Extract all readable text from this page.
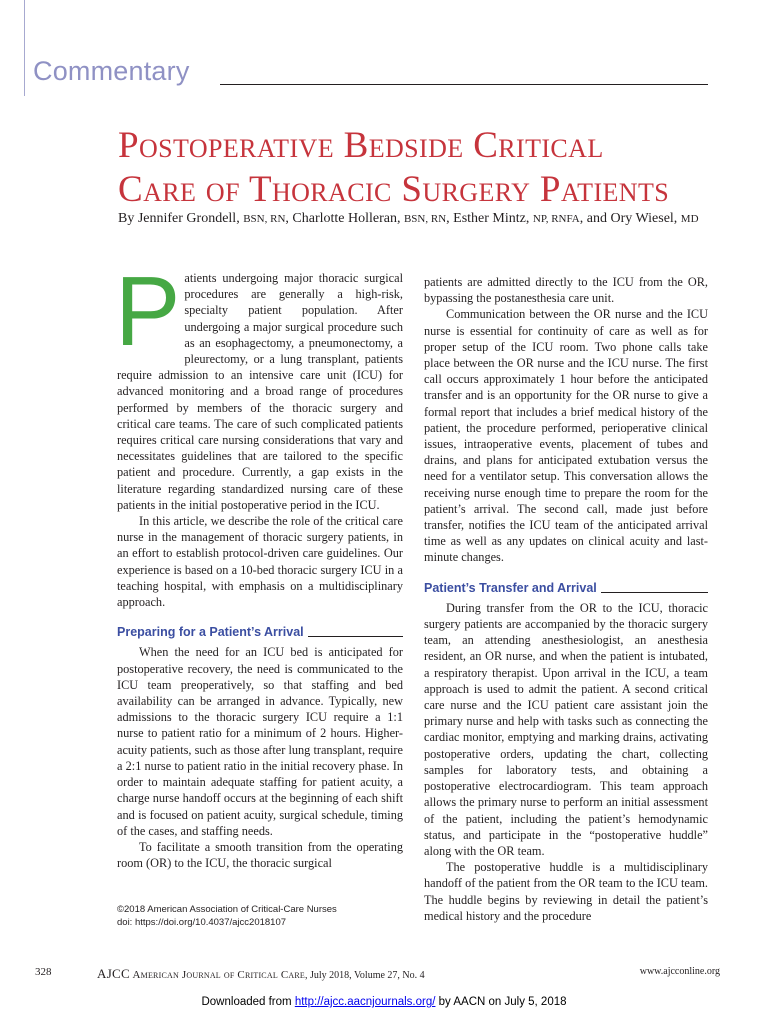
Commentary
Postoperative Bedside Critical
Care of Thoracic Surgery Patients
By Jennifer Grondell, BSN, RN, Charlotte Holleran, BSN, RN, Esther Mintz, NP, RNFA, and Ory Wiesel, MD

Patients undergoing major thoracic surgical procedures are generally a high-risk, specialty patient population. After undergoing a major surgical procedure such as an esophagectomy, a pneumonectomy, a pleurectomy, or a lung transplant, patients require admission to an intensive care unit (ICU) for advanced monitoring and a broad range of procedures performed by members of the thoracic surgery and critical care teams. The care of such complicated patients requires critical care nursing considerations that vary and necessitates guidelines that are tailored to the specific patient and procedure. Currently, a gap exists in the literature regarding standardized nursing care of these patients in the initial postoperative period in the ICU.

In this article, we describe the role of the critical care nurse in the management of thoracic surgery patients, in an effort to establish protocol-driven care guidelines. Our experience is based on a 10-bed thoracic surgery ICU in a teaching hospital, with emphasis on a multidisciplinary approach.

Preparing for a Patient’s Arrival

When the need for an ICU bed is anticipated for postoperative recovery, the need is communicated to the ICU team preoperatively, so that staffing and bed availability can be arranged in advance. Typically, new admissions to the thoracic surgery ICU require a 1:1 nurse to patient ratio for a minimum of 2 hours. Higher-acuity patients, such as those after lung transplant, require a 2:1 nurse to patient ratio in the initial recovery phase. In order to maintain adequate staffing for patient acuity, a charge nurse handoff occurs at the beginning of each shift and is focused on patient acuity, surgical schedule, timing of the cases, and staffing needs.

To facilitate a smooth transition from the operating room (OR) to the ICU, the thoracic surgical

patients are admitted directly to the ICU from the OR, bypassing the postanesthesia care unit.

Communication between the OR nurse and the ICU nurse is essential for continuity of care as well as for proper setup of the ICU room. Two phone calls take place between the OR nurse and the ICU nurse. The first call occurs approximately 1 hour before the anticipated transfer and is an opportunity for the OR nurse to give a formal report that includes a brief medical history of the patient, the procedure performed, perioperative clinical issues, intraoperative events, placement of tubes and drains, and plans for anticipated extubation versus the need for a ventilator setup. This conversation allows the receiving nurse enough time to prepare the room for the patient’s arrival. The second call, made just before transfer, notifies the ICU team of the anticipated arrival time as well as any updates on clinical acuity and last-minute changes.

Patient’s Transfer and Arrival

During transfer from the OR to the ICU, thoracic surgery patients are accompanied by the thoracic surgery team, an attending anesthesiologist, an anesthesia resident, an OR nurse, and when the patient is intubated, a respiratory therapist. Upon arrival in the ICU, a team approach is used to admit the patient. A second critical care nurse and the ICU patient care assistant join the primary nurse and help with tasks such as connecting the cardiac monitor, emptying and marking drains, activating postoperative orders, updating the chart, collecting samples for laboratory tests, and obtaining a postoperative electrocardiogram. This team approach allows the primary nurse to perform an initial assessment of the patient, including the patient’s hemodynamic status, and participate in the “postoperative huddle” along with the OR team.

The postoperative huddle is a multidisciplinary handoff of the patient from the OR team to the ICU team. The huddle begins by reviewing in detail the patient’s medical history and the procedure

©2018 American Association of Critical-Care Nurses
doi: https://doi.org/10.4037/ajcc2018107
328	AJCC American Journal of Critical Care, July 2018, Volume 27, No. 4	www.ajcconline.org
Downloaded from http://ajcc.aacnjournals.org/ by AACN on July 5, 2018
